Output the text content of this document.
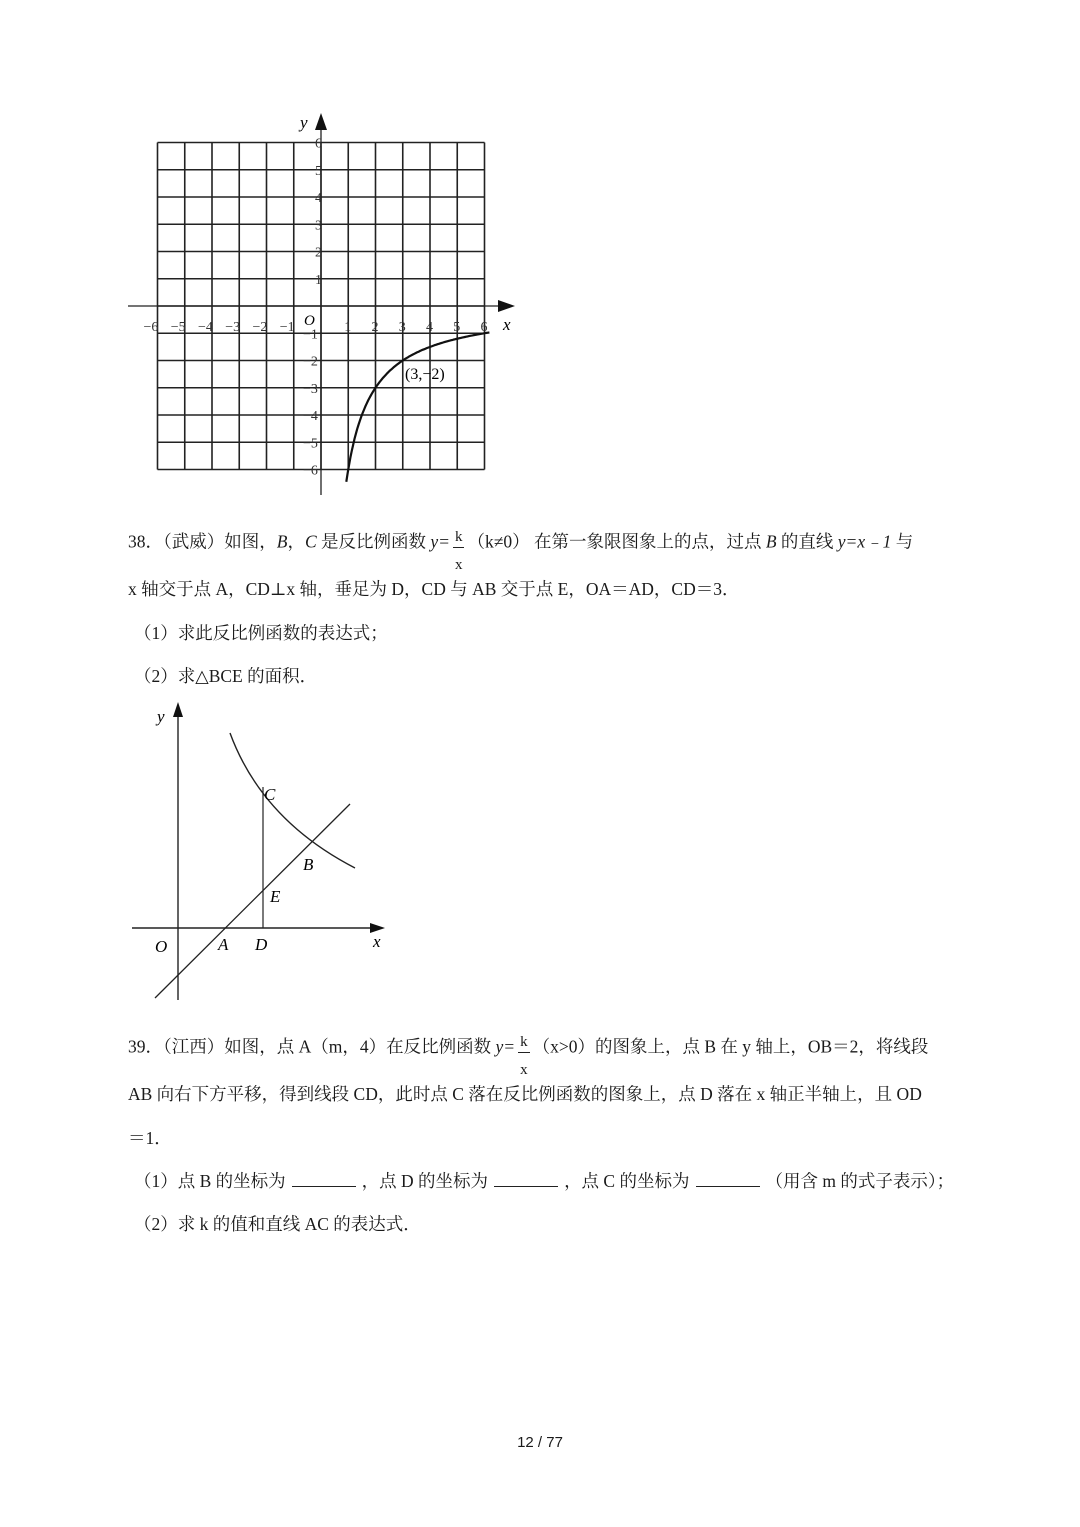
y
x
O
−6 −5 −4 −3 −2 −1	1 2 3 4 5 6
6
5
4
3
2
1
−1
−2
−3
−4
−5
−6
(3,−2)
38．（武威）如图，B，C 是反比例函数 $y= \frac{k}{x} (k\ne 0)$ 在第一象限图象上的点，过点 B 的直线 y=x﹣1 与
x 轴交于点 A，CD⊥x 轴，垂足为 D，CD 与 AB 交于点 E，OA＝AD，CD＝3．
（1）求此反比例函数的表达式；
（2）求△BCE 的面积．
y
x
O	A D
E
B
C
39．（江西）如图，点 A（m，4）在反比例函数 $y= \frac{k}{x} (x>0)$的图象上，点 B 在 y 轴上，OB＝2，将线段
AB 向右下方平移，得到线段 CD，此时点 C 落在反比例函数的图象上，点 D 落在 x 轴正半轴上，且 OD
＝1．
（1）点 B 的坐标为	，点 D 的坐标为	，点 C 的坐标为	（用含 m 的式子表示）；
（2）求 k 的值和直线 AC 的表达式．
12 / 77
